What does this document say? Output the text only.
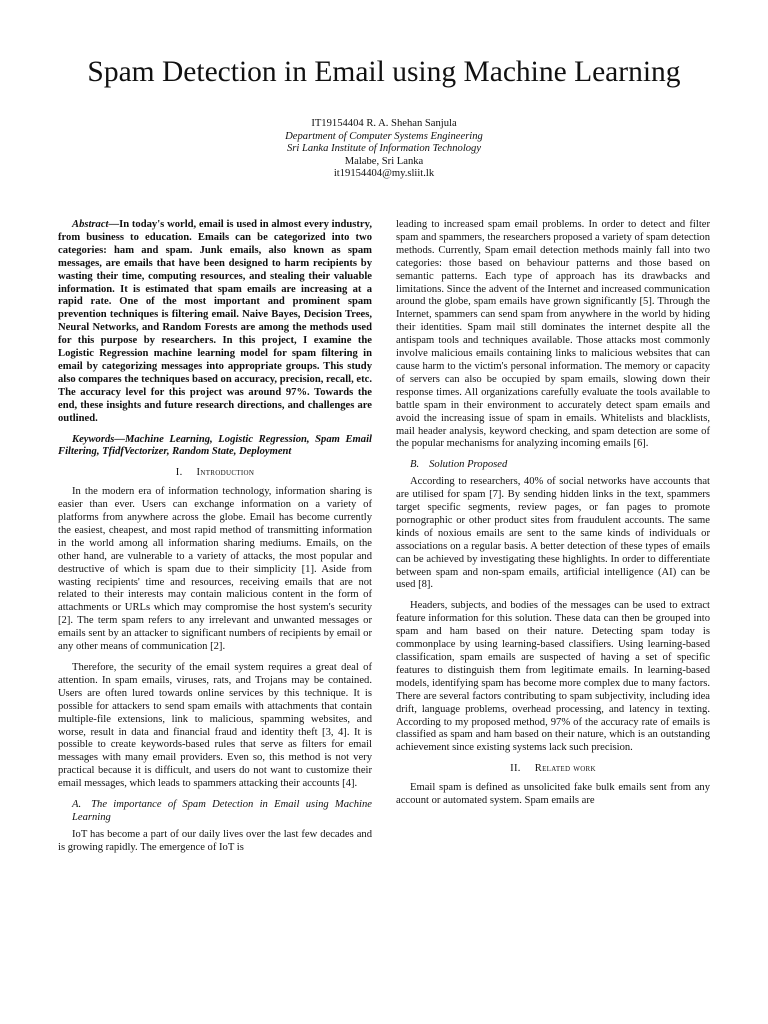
Spam Detection in Email using Machine Learning
IT19154404 R. A. Shehan Sanjula
Department of Computer Systems Engineering
Sri Lanka Institute of Information Technology
Malabe, Sri Lanka
it19154404@my.sliit.lk

Abstract—In today's world, email is used in almost every industry, from business to education. Emails can be categorized into two categories: ham and spam. Junk emails, also known as spam messages, are emails that have been designed to harm recipients by wasting their time, computing resources, and stealing their valuable information. It is estimated that spam emails are increasing at a rapid rate. One of the most important and prominent spam prevention techniques is filtering email. Naive Bayes, Decision Trees, Neural Networks, and Random Forests are among the methods used for this purpose by researchers. In this project, I examine the Logistic Regression machine learning model for spam filtering in email by categorizing messages into appropriate groups. This study also compares the techniques based on accuracy, precision, recall, etc. The accuracy level for this project was around 97%. Towards the end, these insights and future research directions, and challenges are outlined.

Keywords—Machine Learning, Logistic Regression, Spam Email Filtering, TfidfVectorizer, Random State, Deployment

I. Introduction

In the modern era of information technology, information sharing is easier than ever. Users can exchange information on a variety of platforms from anywhere across the globe. Email has become currently the easiest, cheapest, and most rapid method of transmitting information in the world among all information sharing mediums. Emails, on the other hand, are vulnerable to a variety of attacks, the most popular and destructive of which is spam due to their simplicity [1]. Aside from wasting recipients' time and resources, receiving emails that are not related to their interests may contain malicious content in the form of attachments or URLs which may compromise the host system's security [2]. The term spam refers to any irrelevant and unwanted messages or emails sent by an attacker to significant numbers of recipients by email or any other means of communication [2].

Therefore, the security of the email system requires a great deal of attention. In spam emails, viruses, rats, and Trojans may be contained. Users are often lured towards online services by this technique. It is possible for attackers to send spam emails with attachments that contain multiple-file extensions, link to malicious, spamming websites, and worse, result in data and financial fraud and identity theft [3, 4]. It is possible to create keywords-based rules that serve as filters for email messages with many email providers. Even so, this method is not very practical because it is difficult, and users do not want to customize their email messages, which leads to spammers attacking their accounts [4].

A. The importance of Spam Detection in Email using Machine Learning

IoT has become a part of our daily lives over the last few decades and is growing rapidly. The emergence of IoT is

leading to increased spam email problems. In order to detect and filter spam and spammers, the researchers proposed a variety of spam detection methods. Currently, Spam email detection methods mainly fall into two categories: those based on behaviour patterns and those based on semantic patterns. Each type of approach has its drawbacks and limitations. Since the advent of the Internet and increased communication around the globe, spam emails have grown significantly [5]. Through the Internet, spammers can send spam from anywhere in the world by hiding their identities. Spam mail still dominates the internet despite all the antispam tools and techniques available. Those attacks most commonly involve malicious emails containing links to malicious websites that can cause harm to the victim's personal information. The memory or capacity of servers can also be occupied by spam emails, slowing down their response times. All organizations carefully evaluate the tools available to battle spam in their environment to accurately detect spam emails and avoid the increasing issue of spam in emails. Whitelists and blacklists, mail header analysis, keyword checking, and spam detection are some of the popular mechanisms for analyzing incoming emails [6].

B. Solution Proposed

According to researchers, 40% of social networks have accounts that are utilised for spam [7]. By sending hidden links in the text, spammers target specific segments, review pages, or fan pages to promote pornographic or other product sites from fraudulent accounts. The same kinds of noxious emails are sent to the same kinds of individuals or associations on a regular basis. A better detection of these types of emails can be achieved by investigating these highlights. In order to differentiate between spam and non-spam emails, artificial intelligence (AI) can be used [8].

Headers, subjects, and bodies of the messages can be used to extract feature information for this solution. These data can then be grouped into spam and ham based on their nature. Detecting spam today is commonplace by using learning-based classifiers. Using learning-based classification, spam emails are suspected of having a set of specific features to distinguish them from legitimate emails. In learning-based models, identifying spam has become more complex due to many factors. There are several factors contributing to spam subjectivity, including idea drift, language problems, overhead processing, and latency in texting. According to my proposed method, 97% of the accuracy rate of emails is classified as spam and ham based on their nature, which is an outstanding achievement since existing systems lack such precision.

II. Related work

Email spam is defined as unsolicited fake bulk emails sent from any account or automated system. Spam emails are
